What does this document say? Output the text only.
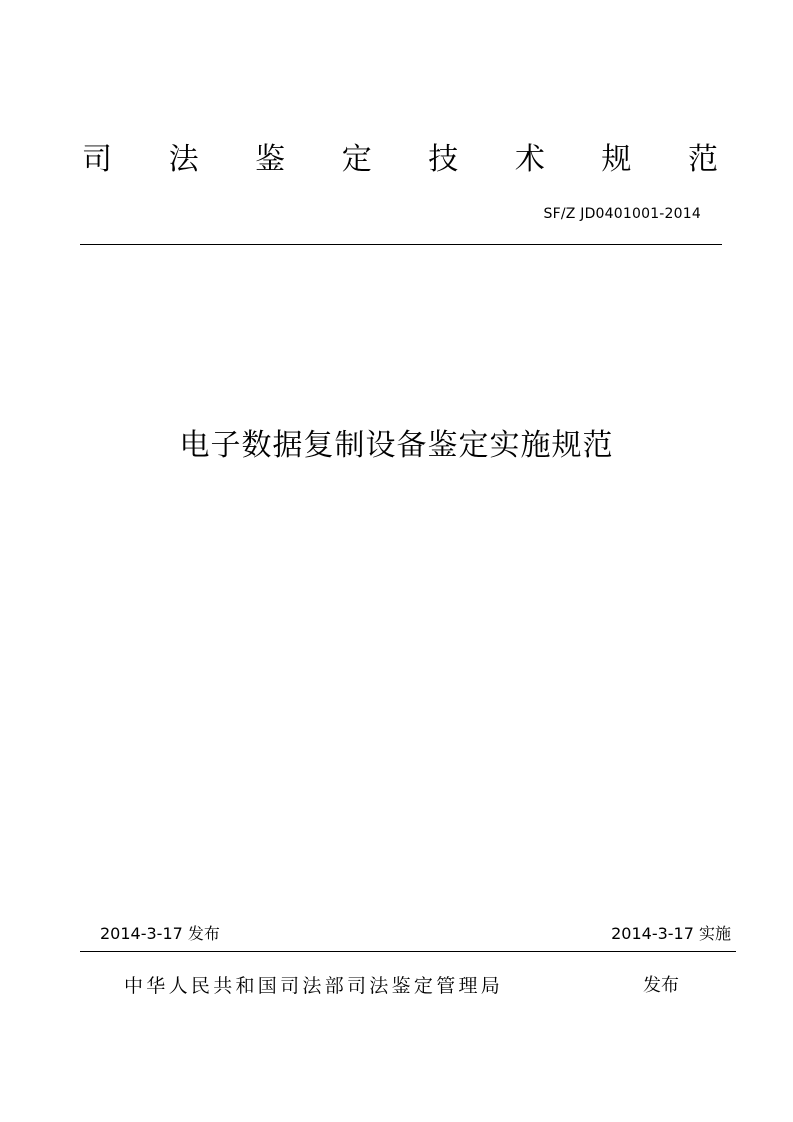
司 法 鉴 定 技 术 规 范
SF/Z JD0401001-2014
电子数据复制设备鉴定实施规范
2014-3-17 发布	2014-3-17 实施
中华人民共和国司法部司法鉴定管理局	发布
